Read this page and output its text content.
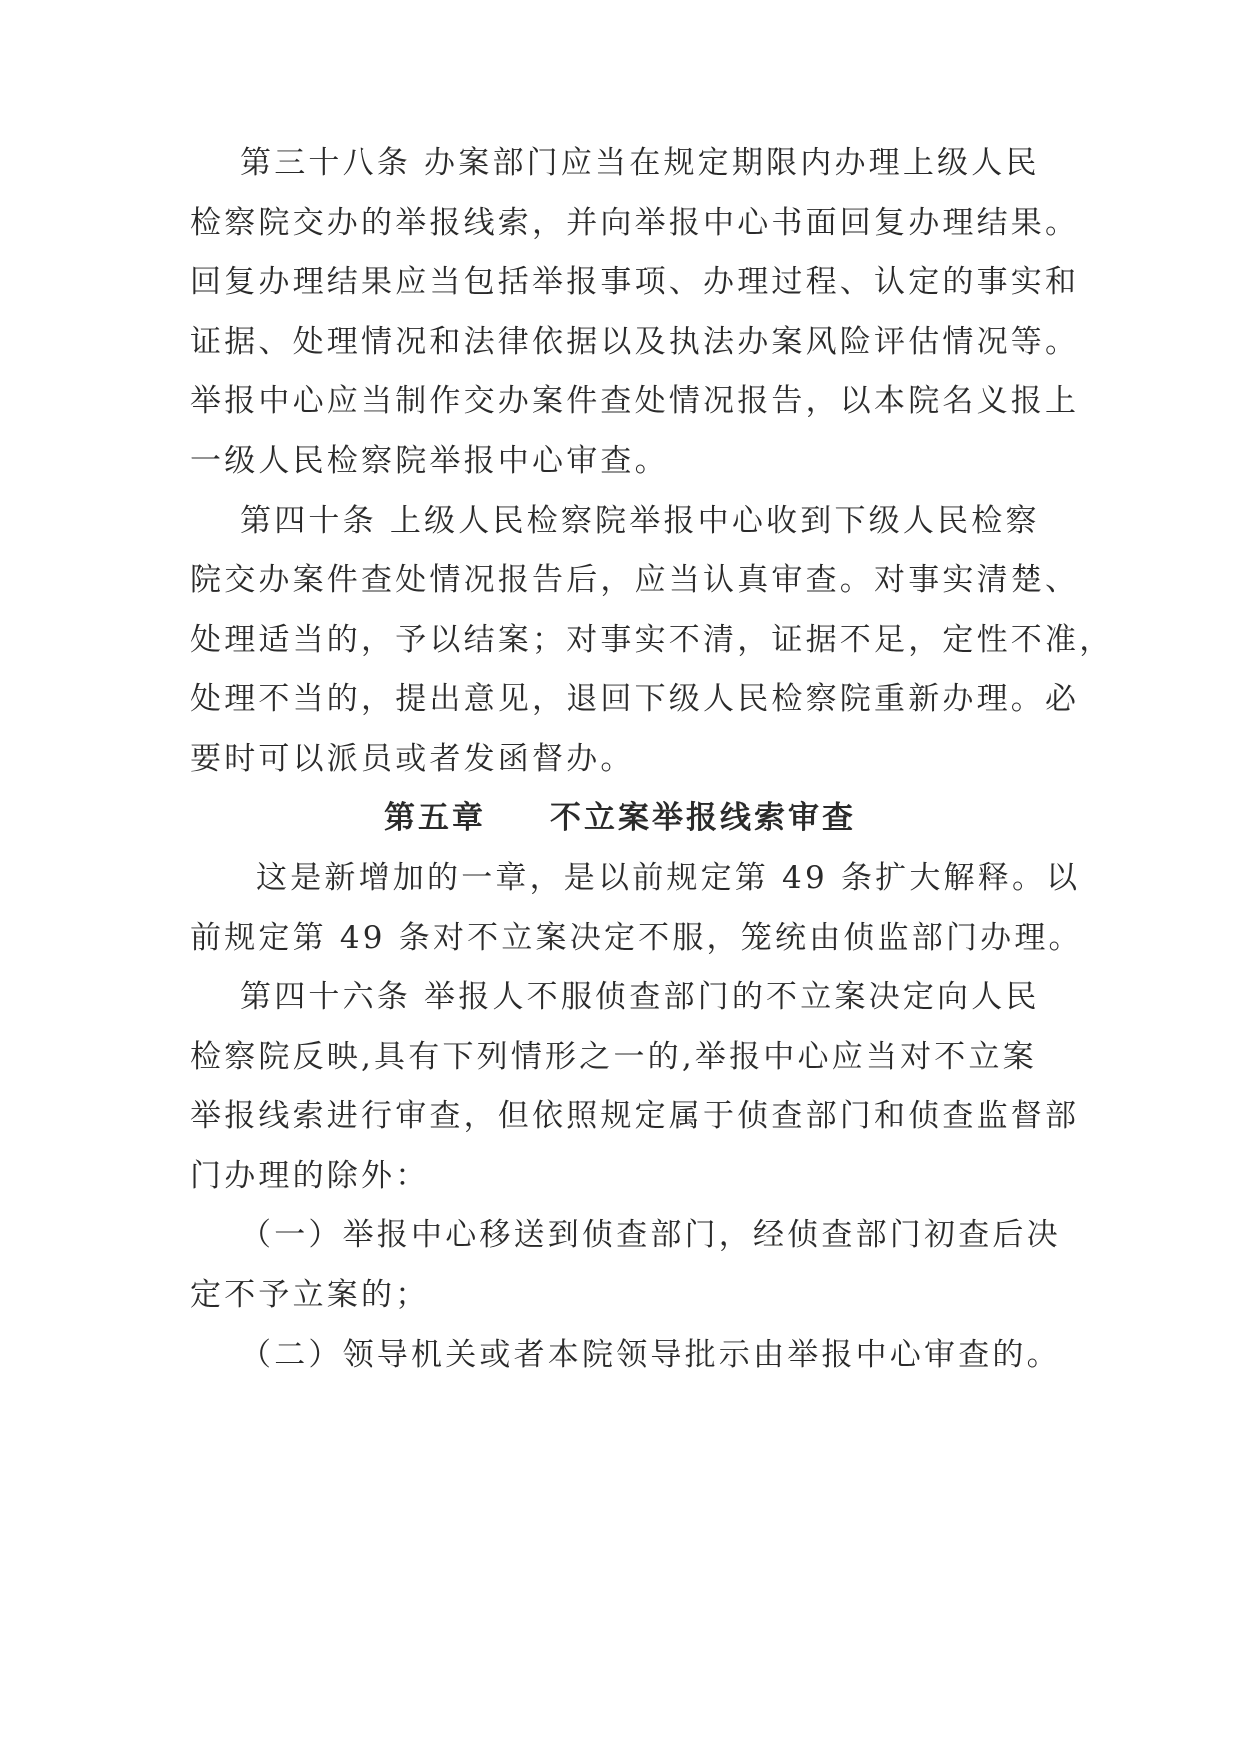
第三十八条 办案部门应当在规定期限内办理上级人民
检察院交办的举报线索，并向举报中心书面回复办理结果。
回复办理结果应当包括举报事项、办理过程、认定的事实和
证据、处理情况和法律依据以及执法办案风险评估情况等。
举报中心应当制作交办案件查处情况报告，以本院名义报上
一级人民检察院举报中心审查。
第四十条 上级人民检察院举报中心收到下级人民检察
院交办案件查处情况报告后，应当认真审查。对事实清楚、
处理适当的，予以结案；对事实不清，证据不足，定性不准，
处理不当的，提出意见，退回下级人民检察院重新办理。必
要时可以派员或者发函督办。
第五章 不立案举报线索审查
这是新增加的一章，是以前规定第 49 条扩大解释。以
前规定第 49 条对不立案决定不服，笼统由侦监部门办理。
第四十六条 举报人不服侦查部门的不立案决定向人民
检察院反映,具有下列情形之一的,举报中心应当对不立案
举报线索进行审查，但依照规定属于侦查部门和侦查监督部
门办理的除外：
（一）举报中心移送到侦查部门，经侦查部门初查后决
定不予立案的；
（二）领导机关或者本院领导批示由举报中心审查的。
